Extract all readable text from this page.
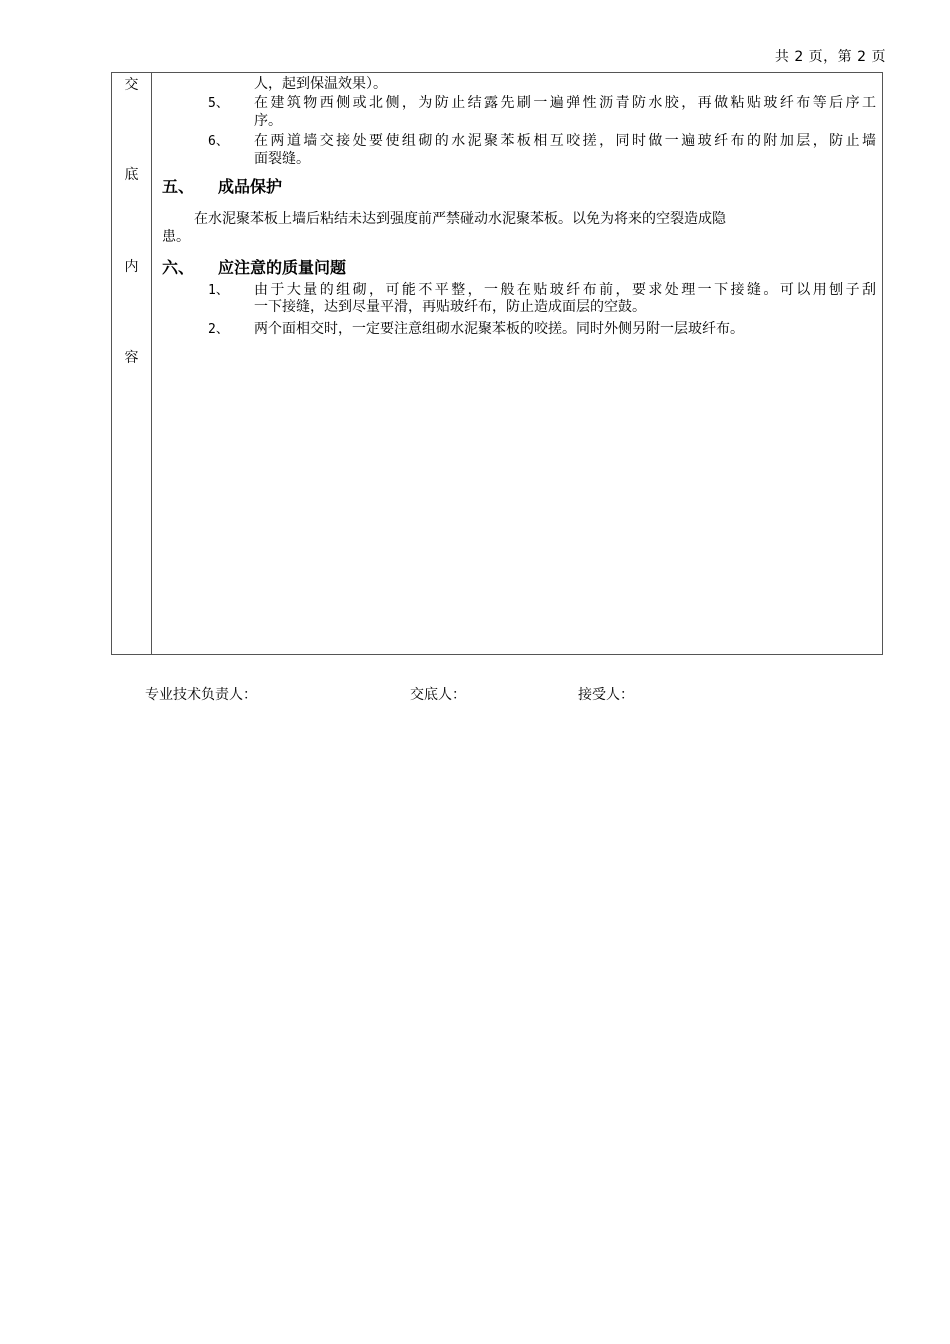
共 2 页，第 2 页
交
底
内
容
人，起到保温效果）。
5、 在建筑物西侧或北侧，为防止结露先刷一遍弹性沥青防水胶，再做粘贴玻纤布等后序工
序。
6、 在两道墙交接处要使组砌的水泥聚苯板相互咬搓，同时做一遍玻纤布的附加层，防止墙
面裂缝。
五、 成品保护
在水泥聚苯板上墙后粘结未达到强度前严禁碰动水泥聚苯板。以免为将来的空裂造成隐
患。
六、 应注意的质量问题
1、 由于大量的组砌，可能不平整，一般在贴玻纤布前，要求处理一下接缝。可以用刨子刮
一下接缝，达到尽量平滑，再贴玻纤布，防止造成面层的空鼓。
2、 两个面相交时，一定要注意组砌水泥聚苯板的咬搓。同时外侧另附一层玻纤布。
专业技术负责人：	交底人：	接受人：
